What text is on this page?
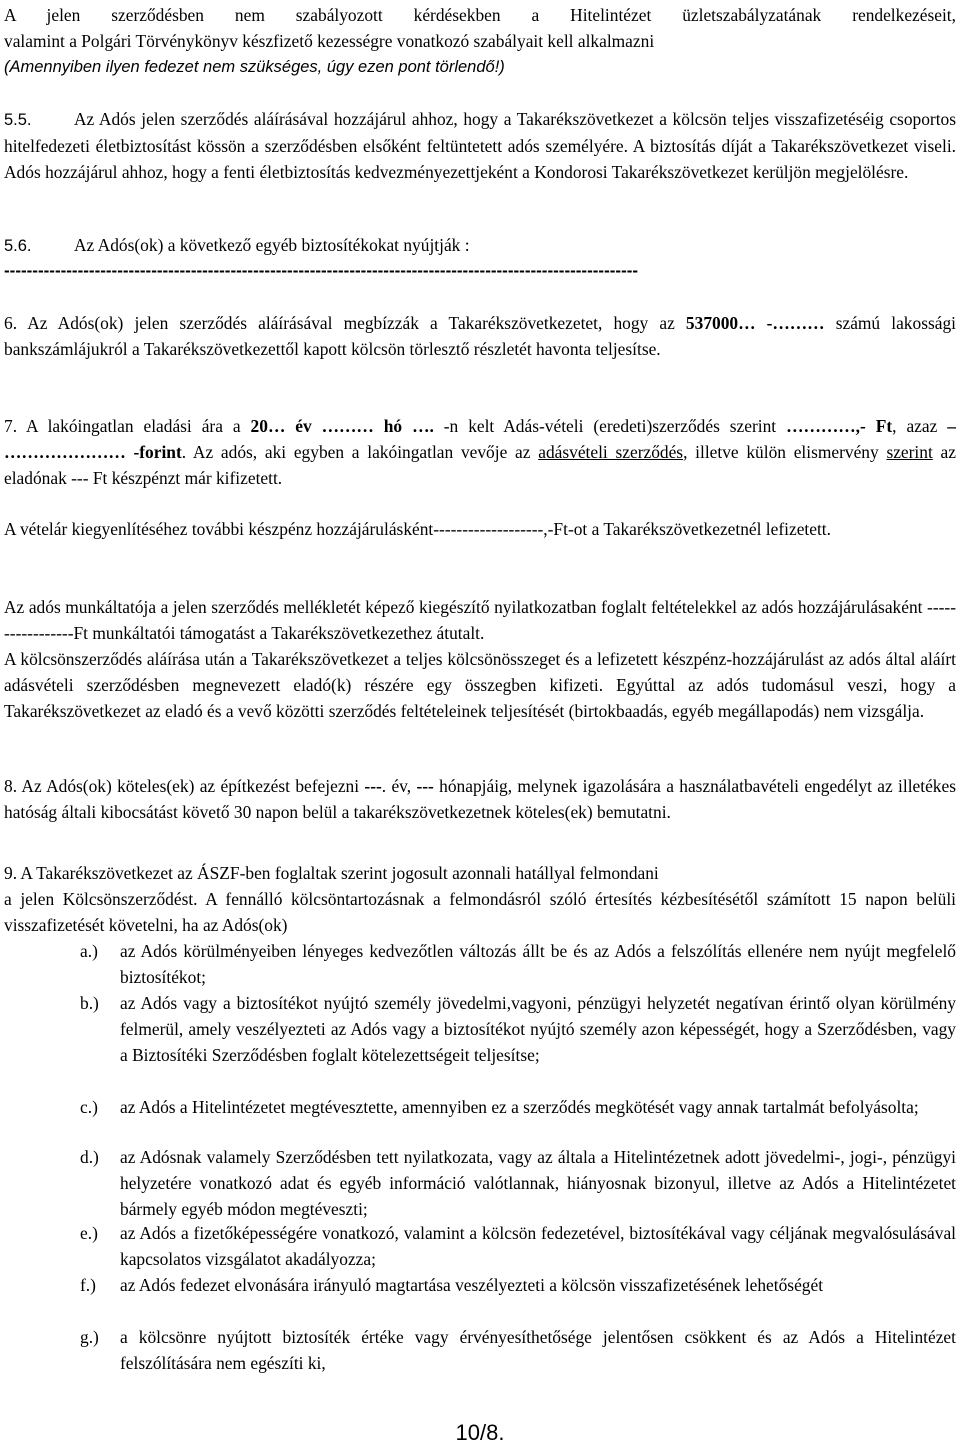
A jelen szerződésben nem szabályozott kérdésekben a Hitelintézet üzletszabályzatának rendelkezéseit,
valamint a Polgári Törvénykönyv készfizető kezességre vonatkozó szabályait kell alkalmazni
(Amennyiben ilyen fedezet nem szükséges, úgy ezen pont törlendő!)
5.5. Az Adós jelen szerződés aláírásával hozzájárul ahhoz, hogy a Takarékszövetkezet a kölcsön teljes visszafizetéséig csoportos hitelfedezeti életbiztosítást kössön a szerződésben elsőként feltüntetett adós személyére. A biztosítás díját a Takarékszövetkezet viseli. Adós hozzájárul ahhoz, hogy a fenti életbiztosítás kedvezményezettjeként a Kondorosi Takarékszövetkezet kerüljön megjelölésre.
5.6. Az Adós(ok) a következő egyéb biztosítékokat nyújtják :
----------------------------------------------------------------------------------------------------------------
6. Az Adós(ok) jelen szerződés aláírásával megbízzák a Takarékszövetkezetet, hogy az 537000… -……… számú lakossági bankszámlájukról a Takarékszövetkezettől kapott kölcsön törlesztő részletét havonta teljesítse.
7. A lakóingatlan eladási ára a 20… év ……… hó …. -n kelt Adás-vételi (eredeti)szerződés szerint …………,- Ft, azaz – ………………… -forint. Az adós, aki egyben a lakóingatlan vevője az adásvételi szerződés, illetve külön elismervény szerint az eladónak --- Ft készpénzt már kifizetett.
A vételár kiegyenlítéséhez további készpénz hozzájárulásként-------------------,-Ft-ot a Takarékszövetkezetnél lefizetett.
Az adós munkáltatója a jelen szerződés mellékletét képező kiegészítő nyilatkozatban foglalt feltételekkel az adós hozzájárulásaként -----------------Ft munkáltatói támogatást a Takarékszövetkezethez átutalt.
A kölcsönszerződés aláírása után a Takarékszövetkezet a teljes kölcsönösszeget és a lefizetett készpénz-hozzájárulást az adós által aláírt adásvételi szerződésben megnevezett eladó(k) részére egy összegben kifizeti. Egyúttal az adós tudomásul veszi, hogy a Takarékszövetkezet az eladó és a vevő közötti szerződés feltételeinek teljesítését (birtokbaadás, egyéb megállapodás) nem vizsgálja.
8. Az Adós(ok) köteles(ek) az építkezést befejezni ---. év, --- hónapjáig, melynek igazolására a használatbavételi engedélyt az illetékes hatóság általi kibocsátást követő 30 napon belül a takarékszövetkezetnek köteles(ek) bemutatni.
9. A Takarékszövetkezet az ÁSZF-ben foglaltak szerint jogosult azonnali hatállyal felmondani
a jelen Kölcsönszerződést. A fennálló kölcsöntartozásnak a felmondásról szóló értesítés kézbesítésétől számított 15 napon belüli visszafizetését követelni, ha az Adós(ok)
a.)	az Adós körülményeiben lényeges kedvezőtlen változás állt be és az Adós a felszólítás ellenére nem nyújt megfelelő biztosítékot;
b.)	az Adós vagy a biztosítékot nyújtó személy jövedelmi,vagyoni, pénzügyi helyzetét negatívan érintő olyan körülmény felmerül, amely veszélyezteti az Adós vagy a biztosítékot nyújtó személy azon képességét, hogy a Szerződésben, vagy a Biztosítéki Szerződésben foglalt kötelezettségeit teljesítse;
c.)	az Adós a Hitelintézetet megtévesztette, amennyiben ez a szerződés megkötését vagy annak tartalmát befolyásolta;
d.)	az Adósnak valamely Szerződésben tett nyilatkozata, vagy az általa a Hitelintézetnek adott jövedelmi-, jogi-, pénzügyi helyzetére vonatkozó adat és egyéb információ valótlannak, hiányosnak bizonyul, illetve az Adós a Hitelintézetet bármely egyéb módon megtéveszti;
e.)	az Adós a fizetőképességére vonatkozó, valamint a kölcsön fedezetével, biztosítékával vagy céljának megvalósulásával kapcsolatos vizsgálatot akadályozza;
f.)	az Adós fedezet elvonására irányuló magtartása veszélyezteti a kölcsön visszafizetésének lehetőségét
g.)	a kölcsönre nyújtott biztosíték értéke vagy érvényesíthetősége jelentősen csökkent és az Adós a Hitelintézet felszólítására nem egészíti ki,
10/8.
